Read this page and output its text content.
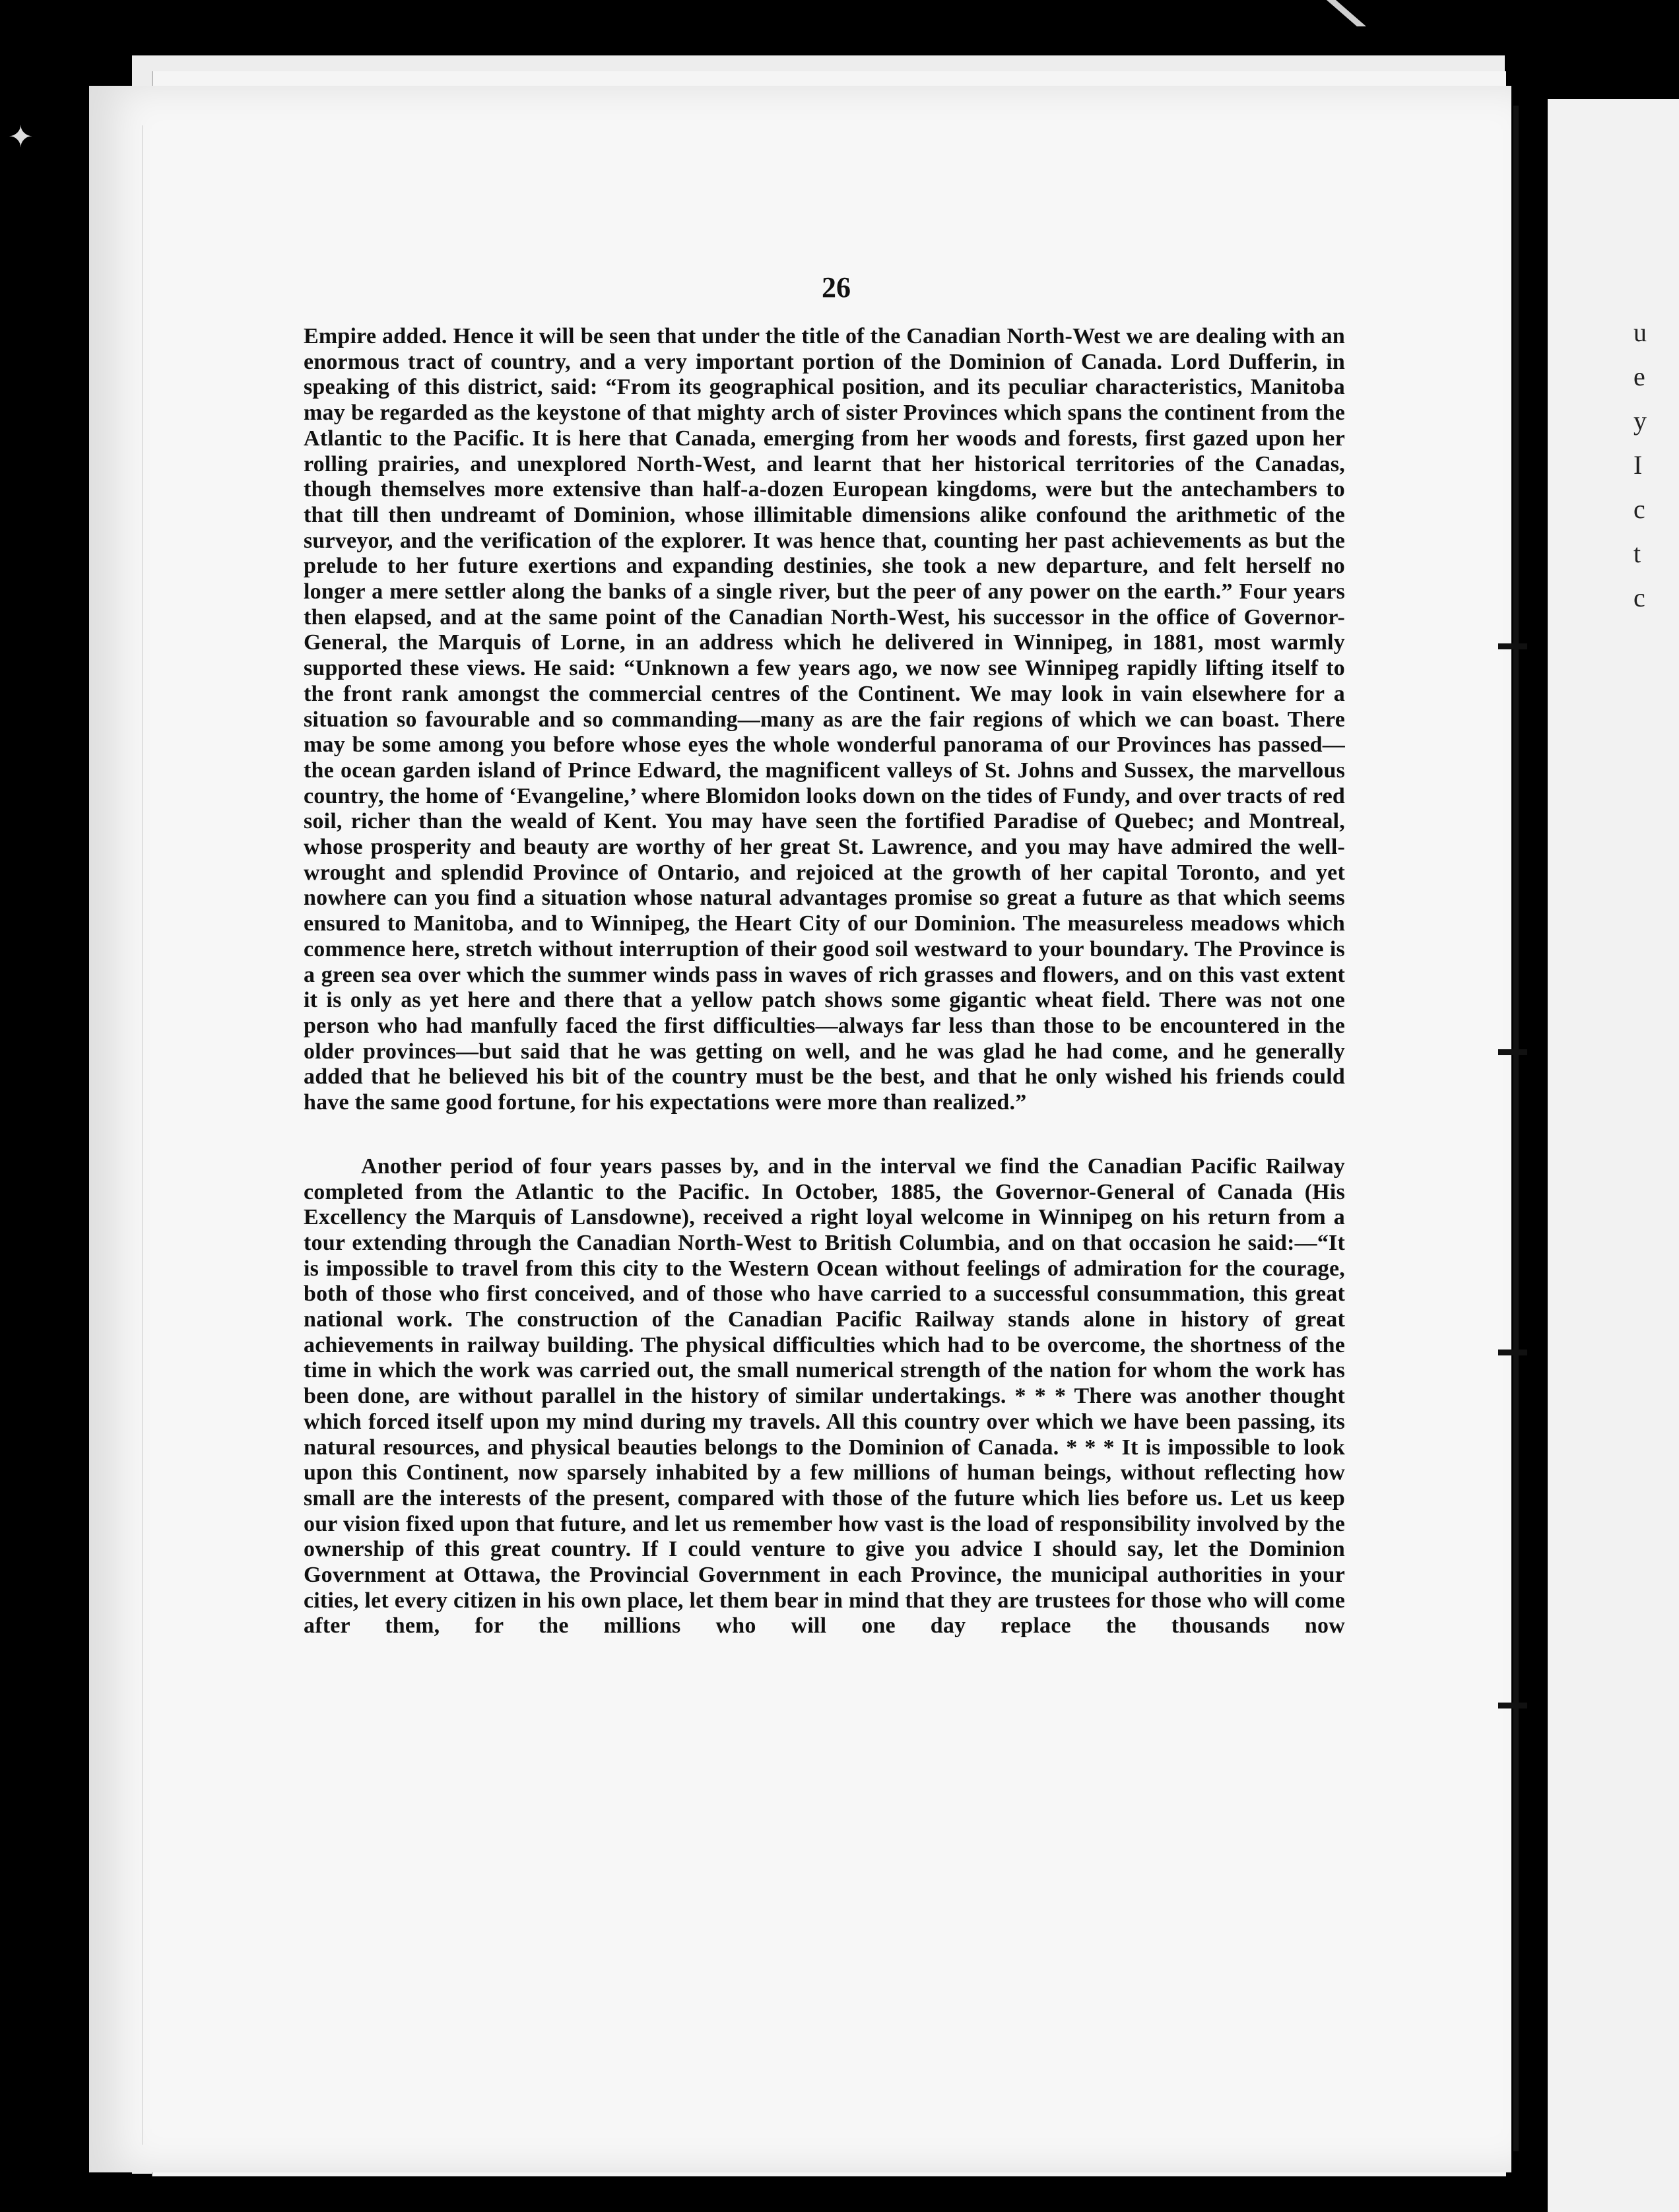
✦
u
e
y
I
c
t
c
26

Empire added. Hence it will be seen that under the title of the Canadian North-West we are dealing with an enormous tract of country, and a very important portion of the Dominion of Canada. Lord Dufferin, in speaking of this district, said: “From its geographical position, and its peculiar characteristics, Manitoba may be regarded as the keystone of that mighty arch of sister Provinces which spans the continent from the Atlantic to the Pacific. It is here that Canada, emerging from her woods and forests, first gazed upon her rolling prairies, and unexplored North-West, and learnt that her historical territories of the Canadas, though themselves more extensive than half-a-dozen European kingdoms, were but the antechambers to that till then undreamt of Dominion, whose illimitable dimensions alike confound the arithmetic of the surveyor, and the verification of the explorer. It was hence that, counting her past achievements as but the prelude to her future exertions and expanding destinies, she took a new departure, and felt herself no longer a mere settler along the banks of a single river, but the peer of any power on the earth.” Four years then elapsed, and at the same point of the Canadian North-West, his successor in the office of Governor-General, the Marquis of Lorne, in an address which he delivered in Winnipeg, in 1881, most warmly supported these views. He said: “Unknown a few years ago, we now see Winnipeg rapidly lifting itself to the front rank amongst the commercial centres of the Continent. We may look in vain elsewhere for a situation so favourable and so commanding—many as are the fair regions of which we can boast. There may be some among you before whose eyes the whole wonderful panorama of our Provinces has passed—the ocean garden island of Prince Edward, the magnificent valleys of St. Johns and Sussex, the marvellous country, the home of ‘Evangeline,’ where Blomidon looks down on the tides of Fundy, and over tracts of red soil, richer than the weald of Kent. You may have seen the fortified Paradise of Quebec; and Montreal, whose prosperity and beauty are worthy of her great St. Lawrence, and you may have admired the well-wrought and splendid Province of Ontario, and rejoiced at the growth of her capital Toronto, and yet nowhere can you find a situation whose natural advantages promise so great a future as that which seems ensured to Manitoba, and to Winnipeg, the Heart City of our Dominion. The measureless meadows which commence here, stretch without interruption of their good soil westward to your boundary. The Province is a green sea over which the summer winds pass in waves of rich grasses and flowers, and on this vast extent it is only as yet here and there that a yellow patch shows some gigantic wheat field. There was not one person who had manfully faced the first difficulties—always far less than those to be encountered in the older provinces—but said that he was getting on well, and he was glad he had come, and he generally added that he believed his bit of the country must be the best, and that he only wished his friends could have the same good fortune, for his expectations were more than realized.”

Another period of four years passes by, and in the interval we find the Canadian Pacific Railway completed from the Atlantic to the Pacific. In October, 1885, the Governor-General of Canada (His Excellency the Marquis of Lansdowne), received a right loyal welcome in Winnipeg on his return from a tour extending through the Canadian North-West to British Columbia, and on that occasion he said:—“It is impossible to travel from this city to the Western Ocean without feelings of admiration for the courage, both of those who first conceived, and of those who have carried to a successful consummation, this great national work. The construction of the Canadian Pacific Railway stands alone in history of great achievements in railway building. The physical difficulties which had to be overcome, the shortness of the time in which the work was carried out, the small numerical strength of the nation for whom the work has been done, are without parallel in the history of similar undertakings. * * * There was another thought which forced itself upon my mind during my travels. All this country over which we have been passing, its natural resources, and physical beauties belongs to the Dominion of Canada. * * * It is impossible to look upon this Continent, now sparsely inhabited by a few millions of human beings, without reflecting how small are the interests of the present, compared with those of the future which lies before us. Let us keep our vision fixed upon that future, and let us remember how vast is the load of responsibility involved by the ownership of this great country. If I could venture to give you advice I should say, let the Dominion Government at Ottawa, the Provincial Government in each Province, the municipal authorities in your cities, let every citizen in his own place, let them bear in mind that they are trustees for those who will come after them, for the millions who will one day replace the thousands now
